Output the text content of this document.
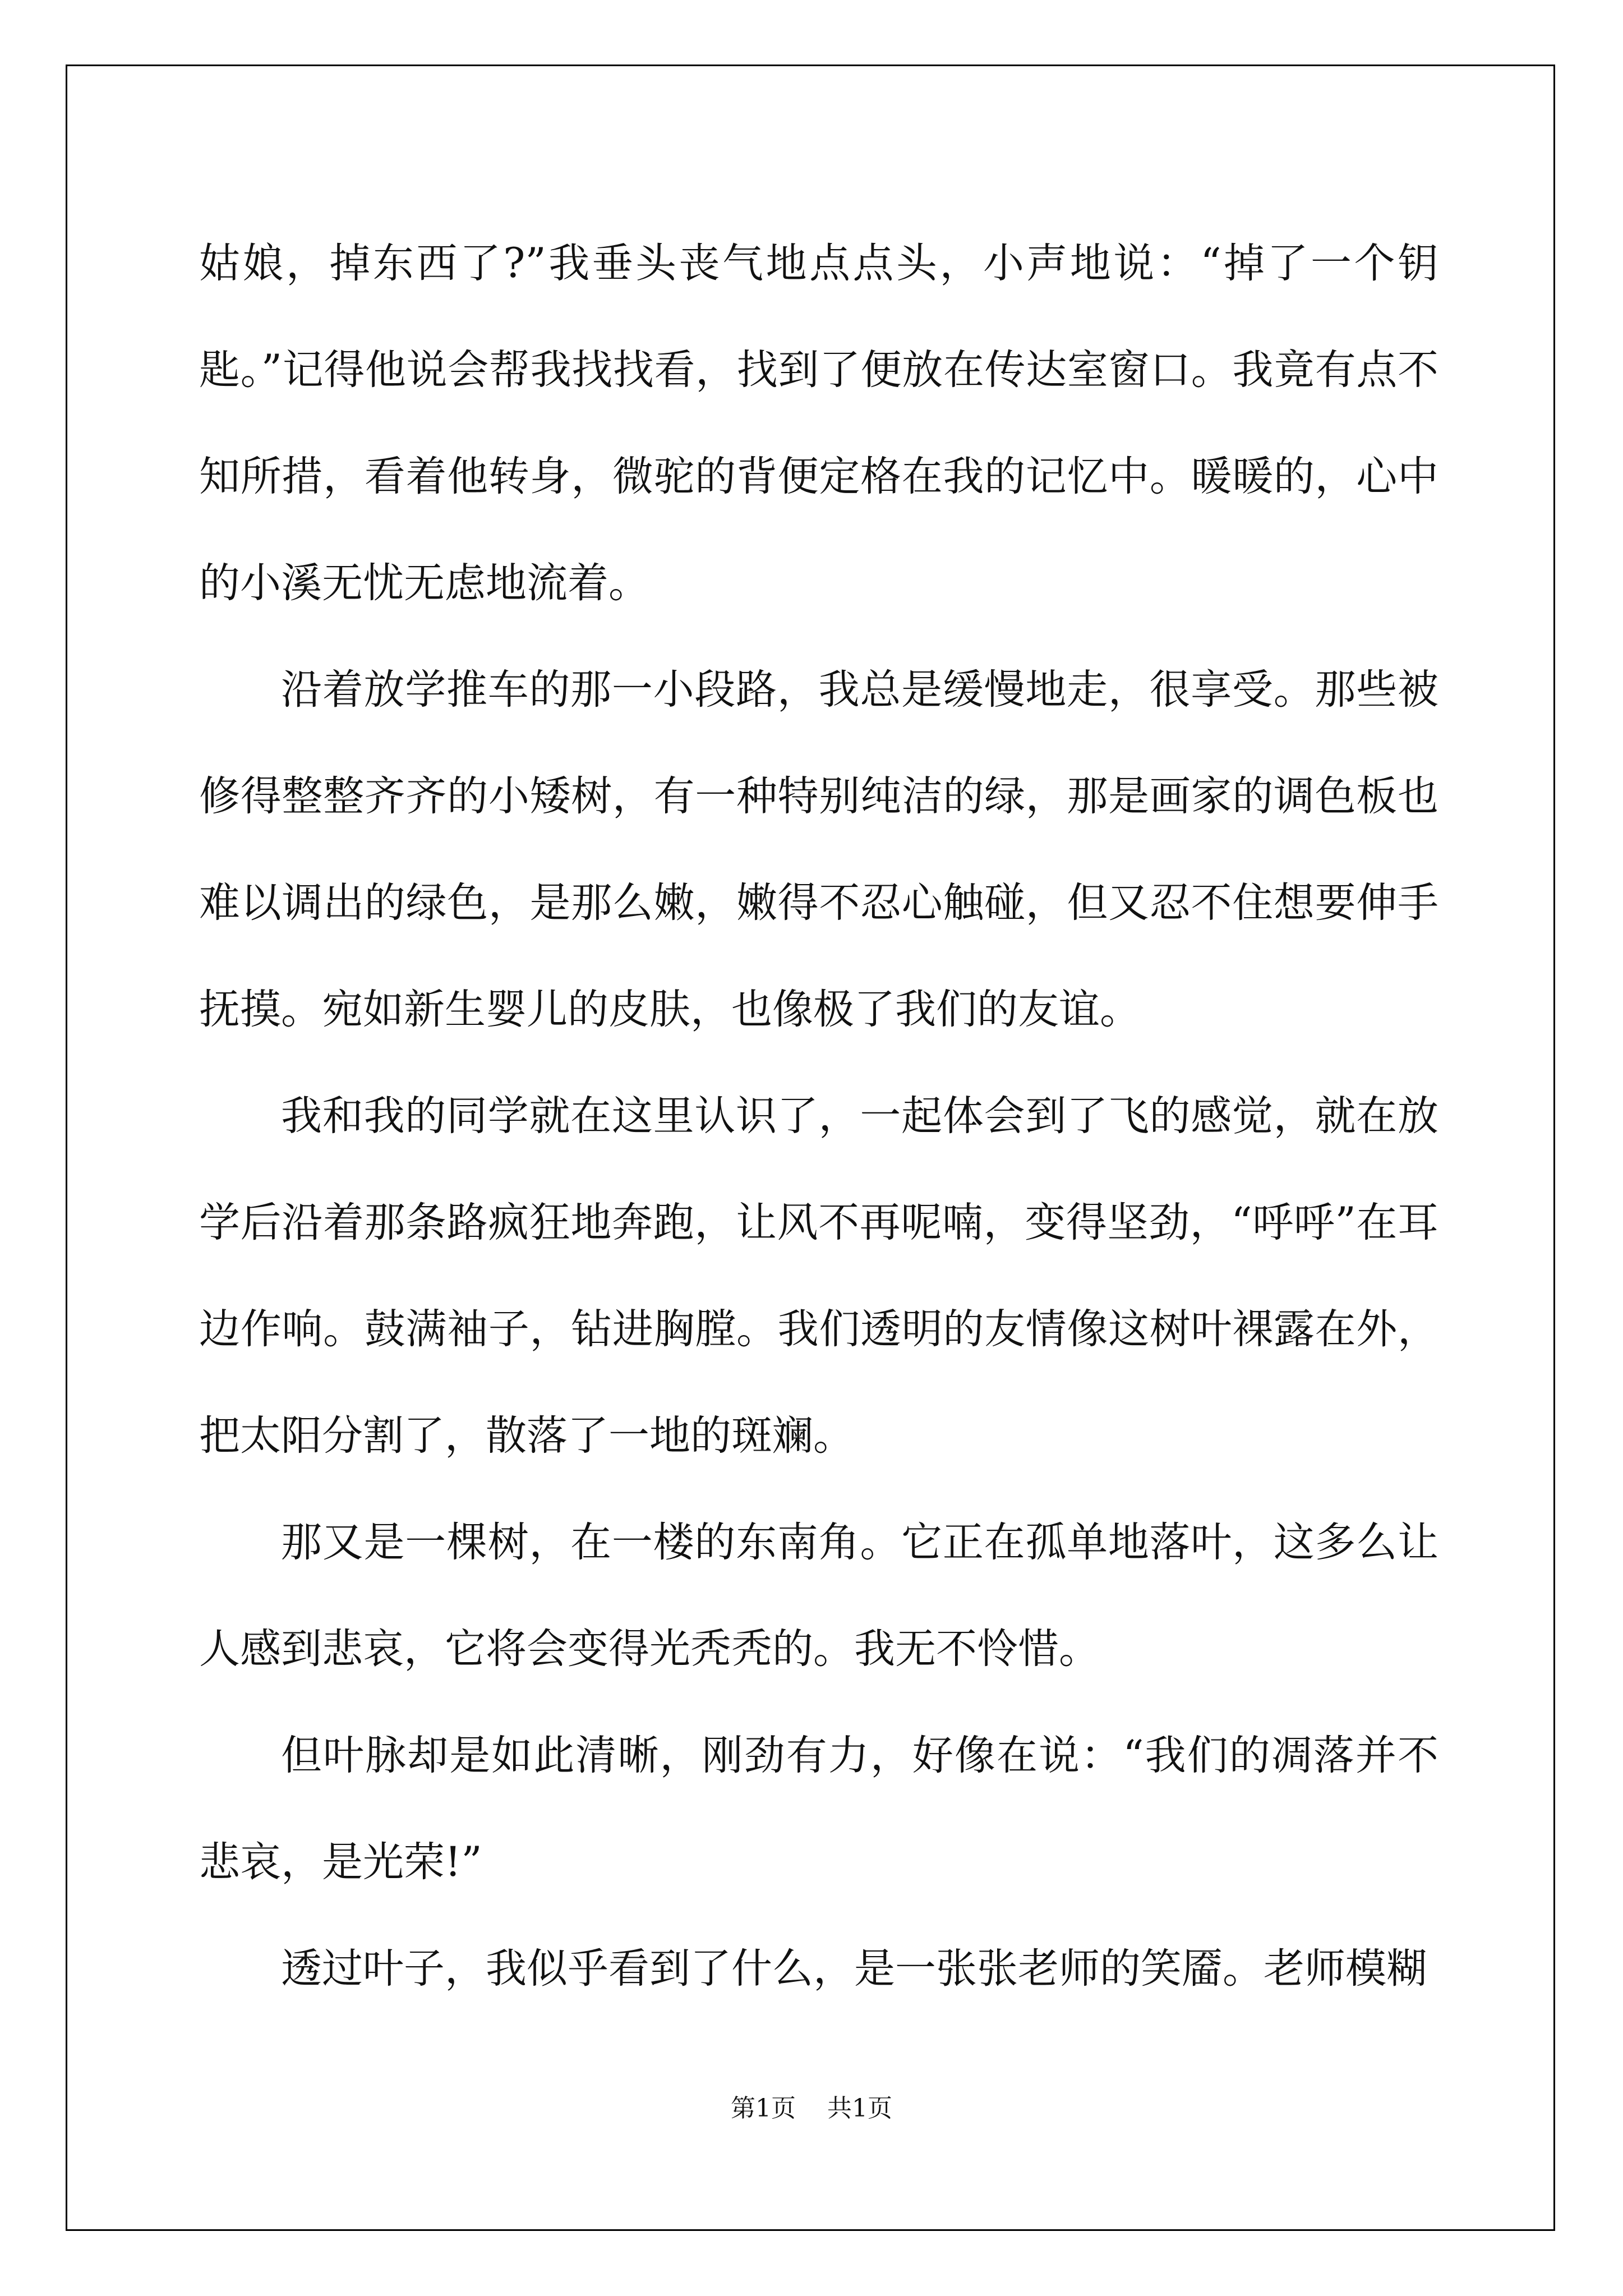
姑娘，掉东西了?”我垂头丧气地点点头，小声地说：“掉了一个钥匙。”记得他说会帮我找找看，找到了便放在传达室窗口。我竟有点不知所措，看着他转身，微驼的背便定格在我的记忆中。暖暖的，心中的小溪无忧无虑地流着。

沿着放学推车的那一小段路，我总是缓慢地走，很享受。那些被修得整整齐齐的小矮树，有一种特别纯洁的绿，那是画家的调色板也难以调出的绿色，是那么嫩，嫩得不忍心触碰，但又忍不住想要伸手抚摸。宛如新生婴儿的皮肤，也像极了我们的友谊。

我和我的同学就在这里认识了，一起体会到了飞的感觉，就在放学后沿着那条路疯狂地奔跑，让风不再呢喃，变得坚劲，“呼呼”在耳边作响。鼓满袖子，钻进胸膛。我们透明的友情像这树叶裸露在外，把太阳分割了，散落了一地的斑斓。

那又是一棵树，在一楼的东南角。它正在孤单地落叶，这多么让人感到悲哀，它将会变得光秃秃的。我无不怜惜。

但叶脉却是如此清晰，刚劲有力，好像在说：“我们的凋落并不悲哀，是光荣!”

透过叶子，我似乎看到了什么，是一张张老师的笑靥。老师模糊

第1页 共1页
